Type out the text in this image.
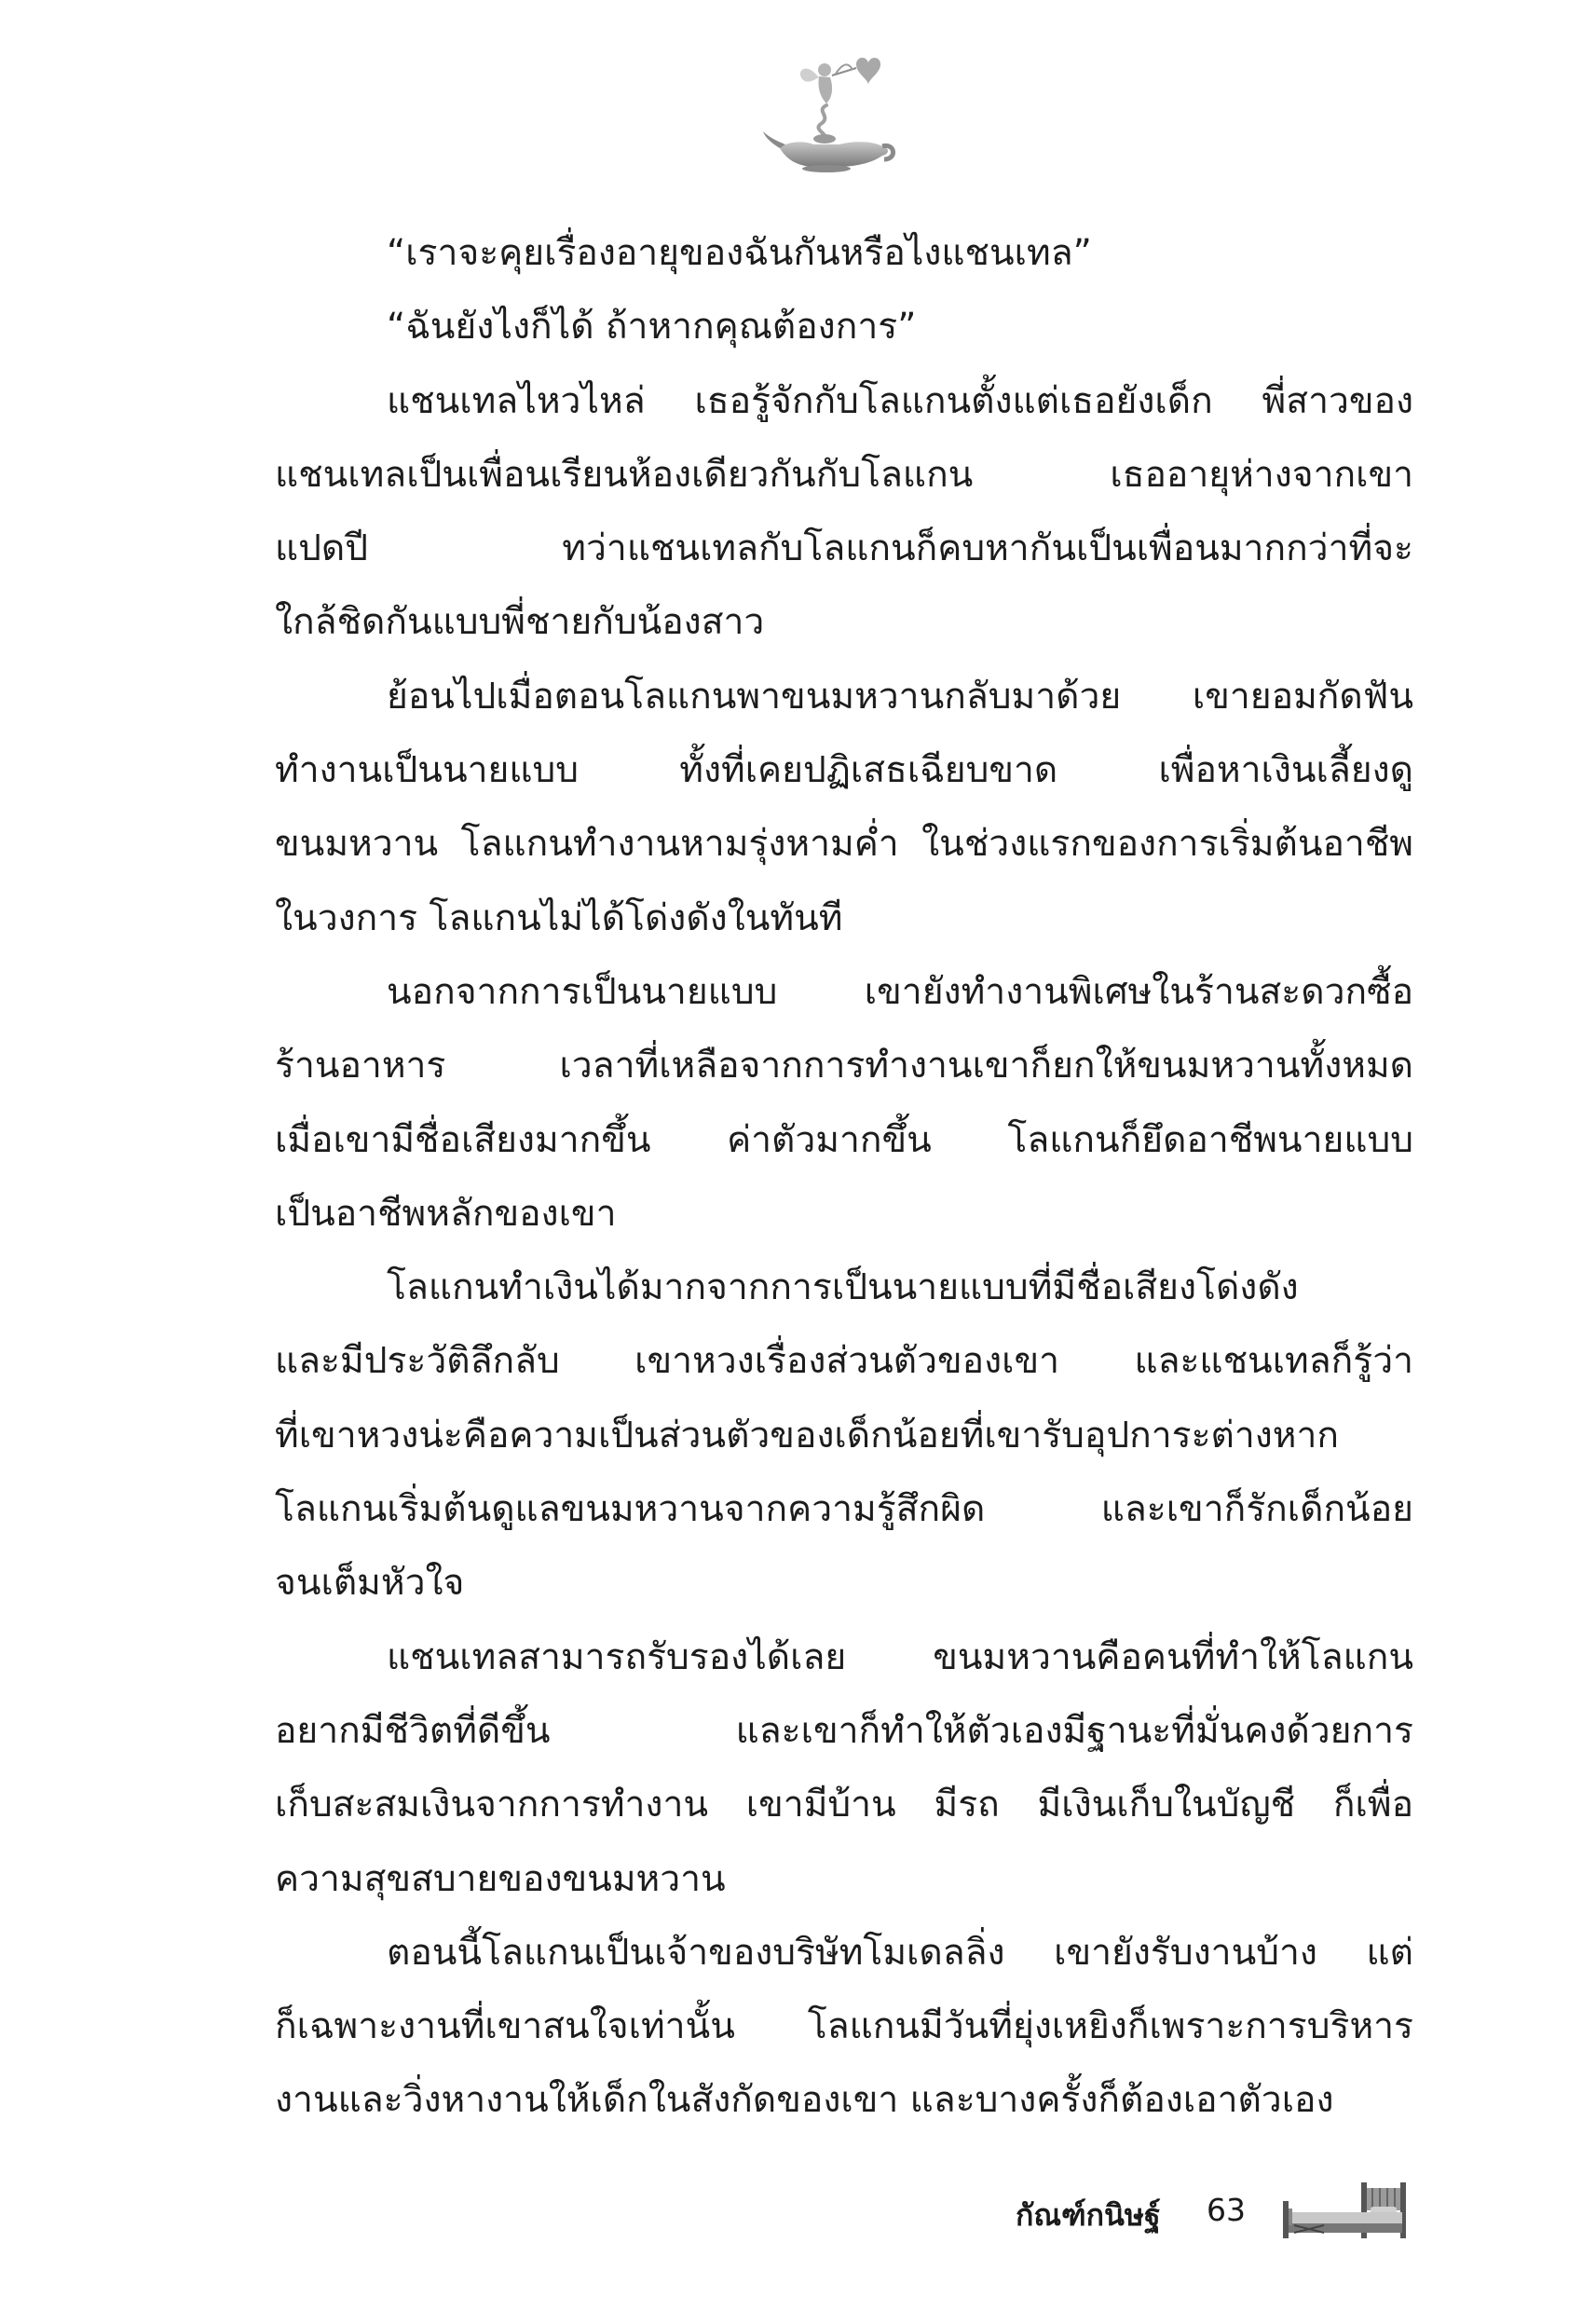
“เราจะคุยเรื่องอายุของฉันกันหรือไงแชนเทล”
“ฉันยังไงก็ได้ ถ้าหากคุณต้องการ”
แชนเทลไหวไหล่ เธอรู้จักกับโลแกนตั้งแต่เธอยังเด็ก พี่สาวของ
แชนเทลเป็นเพื่อนเรียนห้องเดียวกันกับโลแกน เธออายุห่างจากเขา
แปดปี ทว่าแชนเทลกับโลแกนก็คบหากันเป็นเพื่อนมากกว่าที่จะ
ใกล้ชิดกันแบบพี่ชายกับน้องสาว
ย้อนไปเมื่อตอนโลแกนพาขนมหวานกลับมาด้วย เขายอมกัดฟัน
ทำงานเป็นนายแบบ ทั้งที่เคยปฏิเสธเฉียบขาด เพื่อหาเงินเลี้ยงดู
ขนมหวาน โลแกนทำงานหามรุ่งหามค่ำ ในช่วงแรกของการเริ่มต้นอาชีพ
ในวงการ โลแกนไม่ได้โด่งดังในทันที
นอกจากการเป็นนายแบบ เขายังทำงานพิเศษในร้านสะดวกซื้อ
ร้านอาหาร เวลาที่เหลือจากการทำงานเขาก็ยกให้ขนมหวานทั้งหมด
เมื่อเขามีชื่อเสียงมากขึ้น ค่าตัวมากขึ้น โลแกนก็ยึดอาชีพนายแบบ
เป็นอาชีพหลักของเขา
โลแกนทำเงินได้มากจากการเป็นนายแบบที่มีชื่อเสียงโด่งดัง
และมีประวัติลึกลับ เขาหวงเรื่องส่วนตัวของเขา และแชนเทลก็รู้ว่า
ที่เขาหวงน่ะคือความเป็นส่วนตัวของเด็กน้อยที่เขารับอุปการะต่างหาก
โลแกนเริ่มต้นดูแลขนมหวานจากความรู้สึกผิด และเขาก็รักเด็กน้อย
จนเต็มหัวใจ
แชนเทลสามารถรับรองได้เลย ขนมหวานคือคนที่ทำให้โลแกน
อยากมีชีวิตที่ดีขึ้น และเขาก็ทำให้ตัวเองมีฐานะที่มั่นคงด้วยการ
เก็บสะสมเงินจากการทำงาน เขามีบ้าน มีรถ มีเงินเก็บในบัญชี ก็เพื่อ
ความสุขสบายของขนมหวาน
ตอนนี้โลแกนเป็นเจ้าของบริษัทโมเดลลิ่ง เขายังรับงานบ้าง แต่
ก็เฉพาะงานที่เขาสนใจเท่านั้น โลแกนมีวันที่ยุ่งเหยิงก็เพราะการบริหาร
งานและวิ่งหางานให้เด็กในสังกัดของเขา และบางครั้งก็ต้องเอาตัวเอง
กัณฑ์กนิษฐ์ 63
